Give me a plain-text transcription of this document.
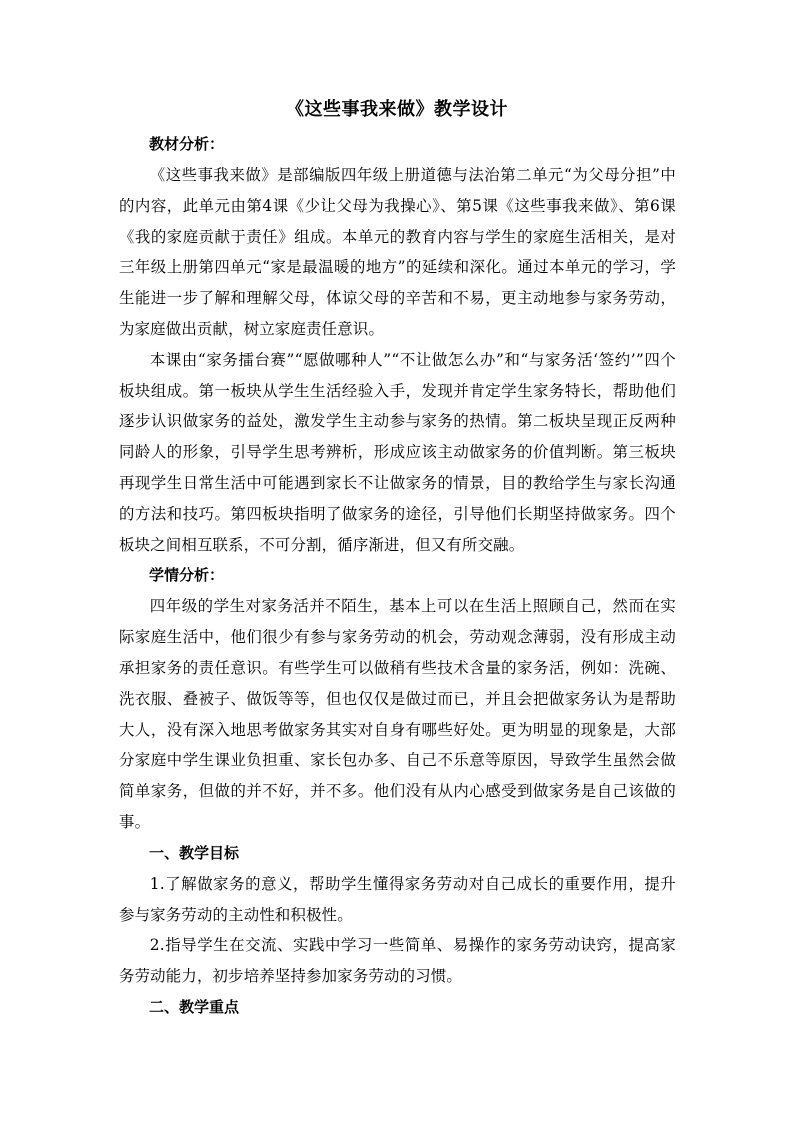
《这些事我来做》教学设计

教材分析：

《这些事我来做》是部编版四年级上册道德与法治第二单元“为父母分担”中的内容，此单元由第4课《少让父母为我操心》、第5课《这些事我来做》、第6课《我的家庭贡献于责任》组成。本单元的教育内容与学生的家庭生活相关，是对三年级上册第四单元“家是最温暖的地方”的延续和深化。通过本单元的学习，学生能进一步了解和理解父母，体谅父母的辛苦和不易，更主动地参与家务劳动，为家庭做出贡献，树立家庭责任意识。

本课由“家务擂台赛”“愿做哪种人”“不让做怎么办”和“与家务活‘签约’”四个板块组成。第一板块从学生生活经验入手，发现并肯定学生家务特长，帮助他们逐步认识做家务的益处，激发学生主动参与家务的热情。第二板块呈现正反两种同龄人的形象，引导学生思考辨析，形成应该主动做家务的价值判断。第三板块再现学生日常生活中可能遇到家长不让做家务的情景，目的教给学生与家长沟通的方法和技巧。第四板块指明了做家务的途径，引导他们长期坚持做家务。四个板块之间相互联系，不可分割，循序渐进，但又有所交融。

学情分析：

四年级的学生对家务活并不陌生，基本上可以在生活上照顾自己，然而在实际家庭生活中，他们很少有参与家务劳动的机会，劳动观念薄弱，没有形成主动承担家务的责任意识。有些学生可以做稍有些技术含量的家务活，例如：洗碗、洗衣服、叠被子、做饭等等，但也仅仅是做过而已，并且会把做家务认为是帮助大人，没有深入地思考做家务其实对自身有哪些好处。更为明显的现象是，大部分家庭中学生课业负担重、家长包办多、自己不乐意等原因，导致学生虽然会做简单家务，但做的并不好，并不多。他们没有从内心感受到做家务是自己该做的事。

一、教学目标

1.了解做家务的意义，帮助学生懂得家务劳动对自己成长的重要作用，提升参与家务劳动的主动性和积极性。

2.指导学生在交流、实践中学习一些简单、易操作的家务劳动诀窍，提高家务劳动能力，初步培养坚持参加家务劳动的习惯。

二、教学重点
